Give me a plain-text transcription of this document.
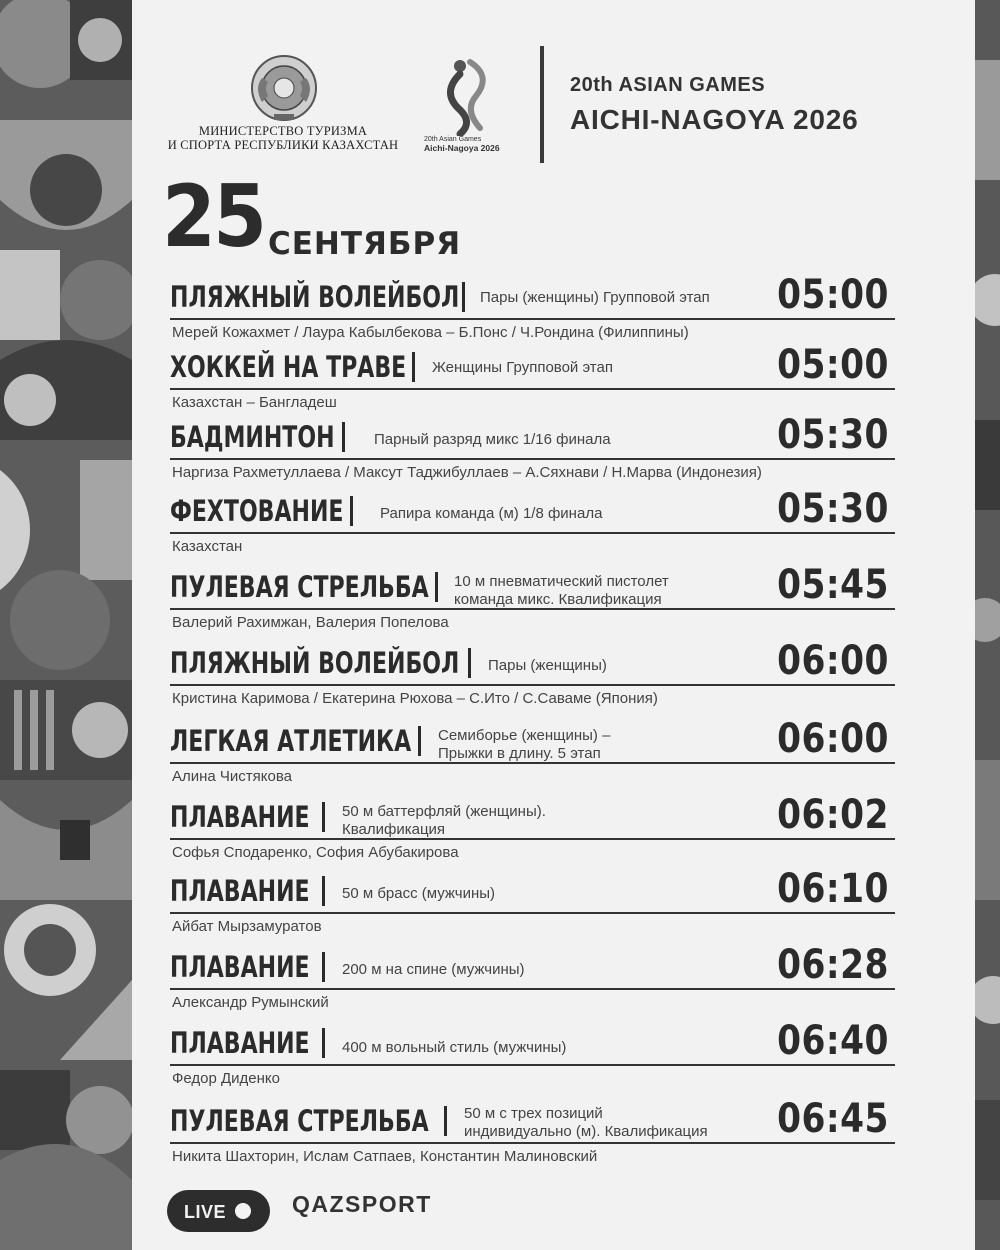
МИНИСТЕРСТВО ТУРИЗМА
И СПОРТА РЕСПУБЛИКИ КАЗАХСТАН	20th Asian Games
Aichi-Nagoya 2026
20th ASIAN GAMES
AICHI-NAGOYA 2026
25 СЕНТЯБРЯ
ПЛЯЖНЫЙ ВОЛЕЙБОЛ Пары (женщины) Групповой этап 05:00
Мерей Кожахмет / Лаура Кабылбекова – Б.Понс / Ч.Рондина (Филиппины)
ХОККЕЙ НА ТРАВЕ Женщины Групповой этап	05:00
Казахстан – Бангладеш
БАДМИНТОН	Парный разряд микс 1/16 финала	05:30
Наргиза Рахметуллаева / Максут Таджибуллаев – А.Сяхнави / Н.Марва (Индонезия)
ФЕХТОВАНИЕ Рапира команда (м) 1/8 финала	05:30
Казахстан
ПУЛЕВАЯ СТРЕЛЬБА 10 м пневматический пистолет
команда микс. Квалификация	05:45
Валерий Рахимжан, Валерия Попелова
ПЛЯЖНЫЙ ВОЛЕЙБОЛ Пары (женщины)	06:00
Кристина Каримова / Екатерина Рюхова – С.Ито / С.Саваме (Япония)
ЛЕГКАЯ АТЛЕТИКА Семиборье (женщины) –
Прыжки в длину. 5 этап	06:00
Алина Чистякова
ПЛАВАНИЕ 50 м баттерфляй (женщины).
Квалификация	06:02
Софья Сподаренко, София Абубакирова
ПЛАВАНИЕ 50 м брасс (мужчины)	06:10
Айбат Мырзамуратов
ПЛАВАНИЕ 200 м на спине (мужчины)	06:28
Александр Румынский
ПЛАВАНИЕ 400 м вольный стиль (мужчины)	06:40
Федор Диденко
ПУЛЕВАЯ СТРЕЛЬБА 50 м с трех позиций
индивидуально (м). Квалификация 06:45
Никита Шахторин, Ислам Сатпаев, Константин Малиновский
LIVE	QAZSPORT
